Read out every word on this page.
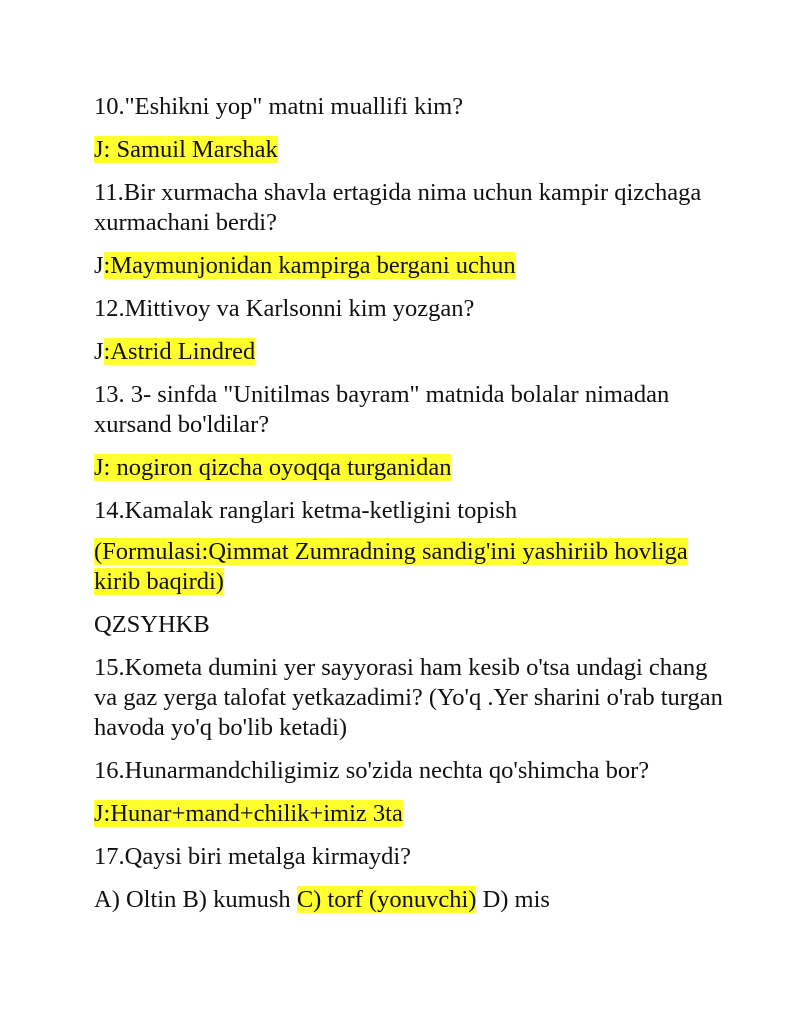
10."Eshikni yop" matni muallifi kim?

J: Samuil Marshak

11.Bir xurmacha shavla ertagida nima uchun kampir qizchaga xurmachani berdi?

J:Maymunjonidan kampirga bergani uchun

12.Mittivoy va Karlsonni kim yozgan?

J:Astrid Lindred

13. 3- sinfda "Unitilmas bayram" matnida bolalar nimadan xursand bo'ldilar?

J: nogiron qizcha oyoqqa turganidan

14.Kamalak ranglari ketma-ketligini topish

(Formulasi:Qimmat Zumradning sandig'ini yashiriib hovliga kirib baqirdi)

QZSYHKB

15.Kometa dumini yer sayyorasi ham kesib o'tsa undagi chang va gaz yerga talofat yetkazadimi? (Yo'q .Yer sharini o'rab turgan havoda yo'q bo'lib ketadi)

16.Hunarmandchiligimiz so'zida nechta qo'shimcha bor?

J:Hunar+mand+chilik+imiz 3ta

17.Qaysi biri metalga kirmaydi?

A) Oltin B) kumush C) torf (yonuvchi) D) mis
